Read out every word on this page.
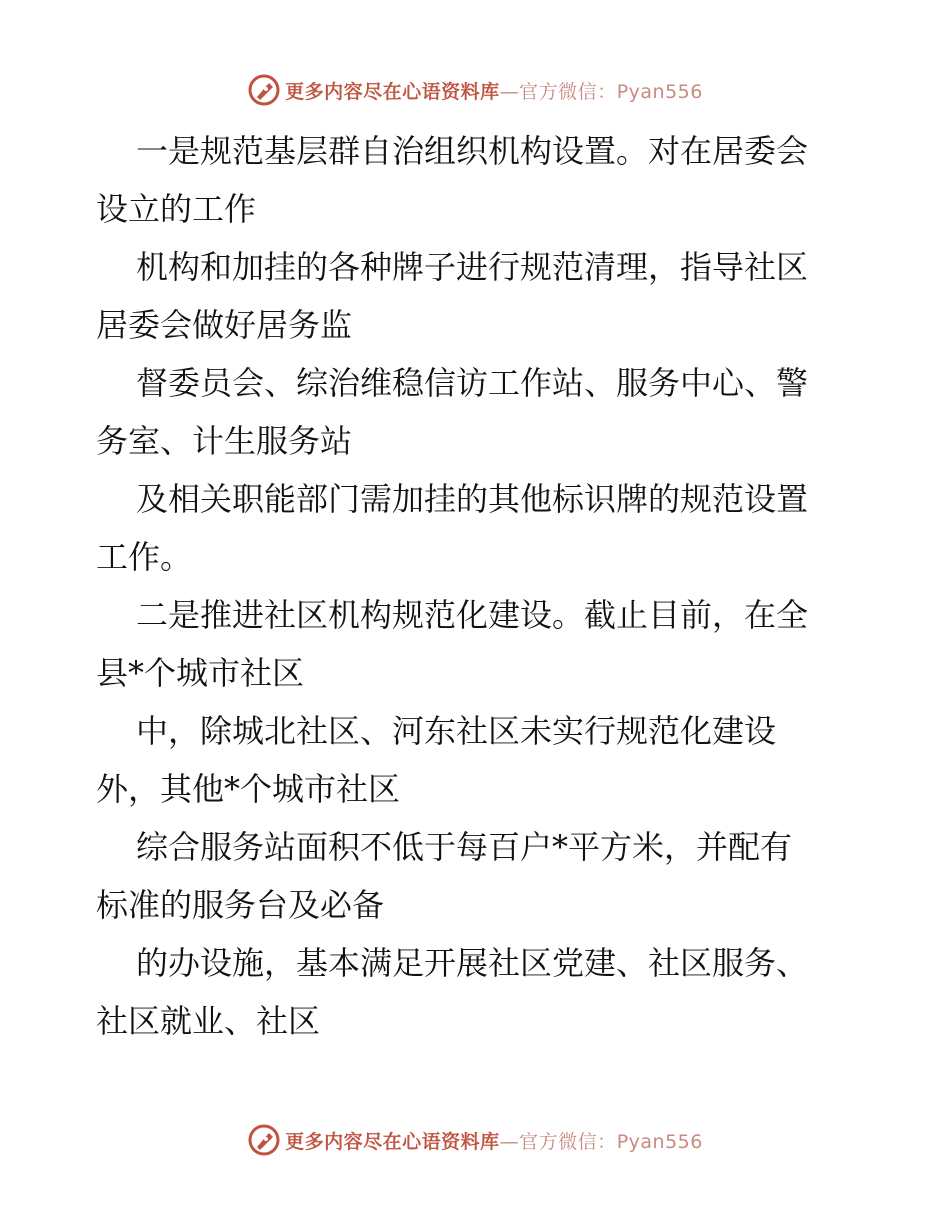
更多内容尽在心语资料库—官方微信：Pyan556
一是规范基层群自治组织机构设置。对在居委会
设立的工作
机构和加挂的各种牌子进行规范清理，指导社区
居委会做好居务监
督委员会、综治维稳信访工作站、服务中心、警
务室、计生服务站
及相关职能部门需加挂的其他标识牌的规范设置
工作。
二是推进社区机构规范化建设。截止目前，在全
县*个城市社区
中，除城北社区、河东社区未实行规范化建设
外，其他*个城市社区
综合服务站面积不低于每百户*平方米，并配有
标准的服务台及必备
的办设施，基本满足开展社区党建、社区服务、
社区就业、社区
更多内容尽在心语资料库—官方微信：Pyan556
